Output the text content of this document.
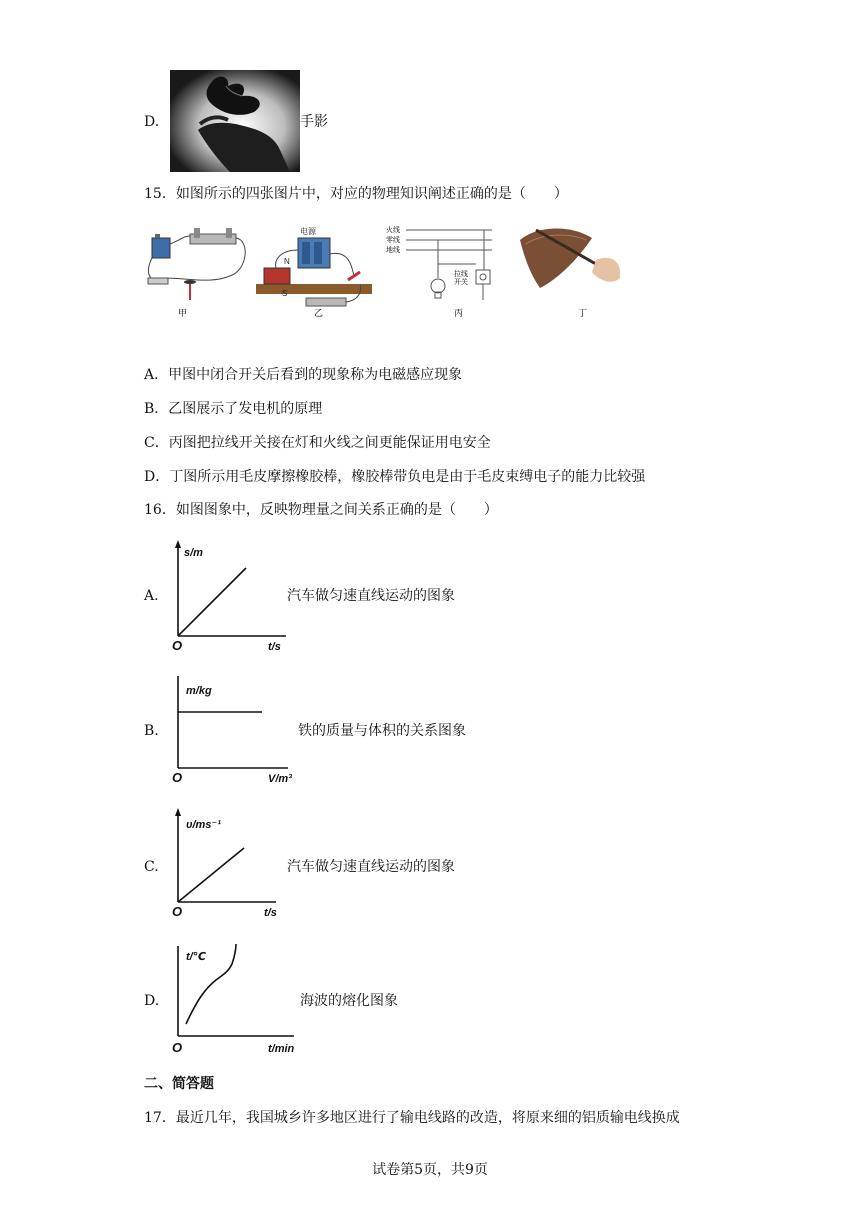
D.	手影
15．如图所示的四张图片中，对应的物理知识阐述正确的是（　　）
甲
电源
N
S
乙
火线
零线
地线
拉线
开关
丙	丁
A．甲图中闭合开关后看到的现象称为电磁感应现象
B．乙图展示了发电机的原理
C．丙图把拉线开关接在灯和火线之间更能保证用电安全
D．丁图所示用毛皮摩擦橡胶棒，橡胶棒带负电是由于毛皮束缚电子的能力比较强
16．如图图象中，反映物理量之间关系正确的是（　　）
A.
s/m
t/s
O
汽车做匀速直线运动的图象
B.
m/kg
V/m³
O
铁的质量与体积的关系图象
C.
υ/ms⁻¹
t/s
O
汽车做匀速直线运动的图象
D.
t/℃
t/min
O
海波的熔化图象
二、简答题
17．最近几年，我国城乡许多地区进行了输电线路的改造，将原来细的铝质输电线换成
试卷第5页，共9页
